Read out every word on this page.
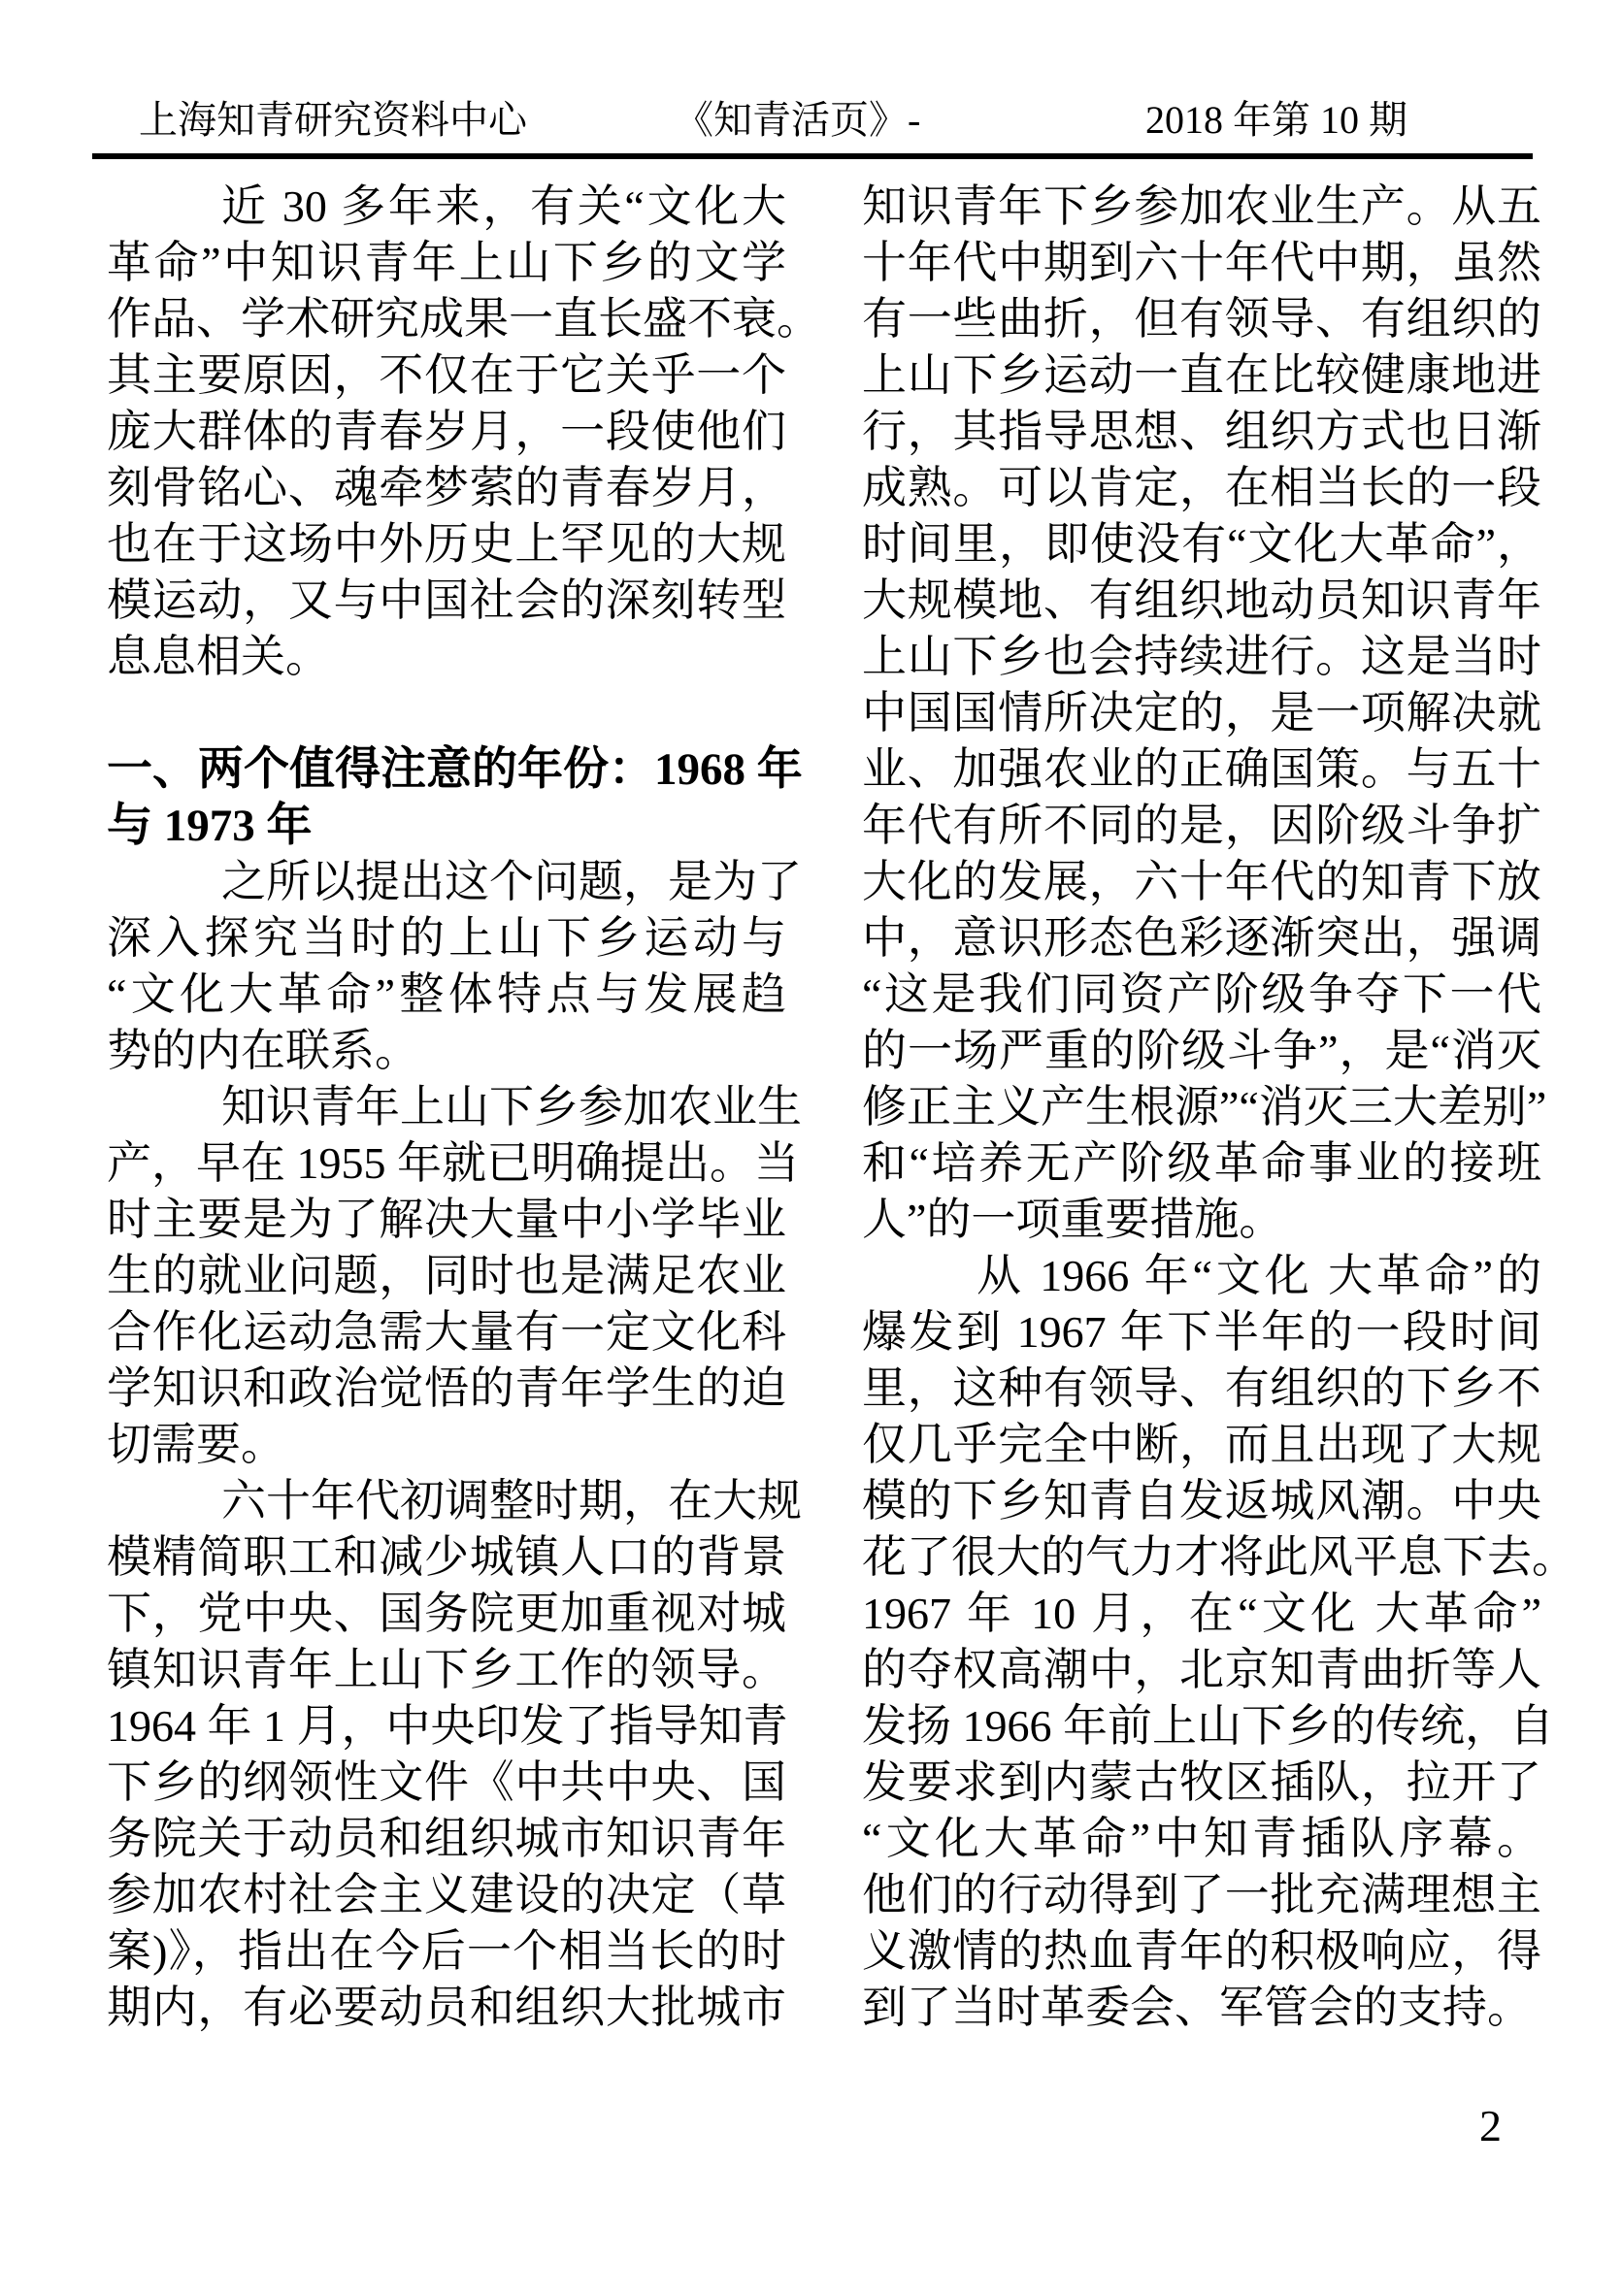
上海知青研究资料中心	《知青活页》-	2018 年第 10 期
近 30 多年来，有关“文化大
革命”中知识青年上山下乡的文学
作品、学术研究成果一直长盛不衰。
其主要原因，不仅在于它关乎一个
庞大群体的青春岁月，一段使他们
刻骨铭心、魂牵梦萦的青春岁月，
也在于这场中外历史上罕见的大规
模运动，又与中国社会的深刻转型
息息相关。
一、两个值得注意的年份：1968 年
与 1973 年
之所以提出这个问题，是为了
深入探究当时的上山下乡运动与
“文化大革命”整体特点与发展趋
势的内在联系。
知识青年上山下乡参加农业生
产，早在 1955 年就已明确提出。当
时主要是为了解决大量中小学毕业
生的就业问题，同时也是满足农业
合作化运动急需大量有一定文化科
学知识和政治觉悟的青年学生的迫
切需要。
六十年代初调整时期，在大规
模精简职工和减少城镇人口的背景
下，党中央、国务院更加重视对城
镇知识青年上山下乡工作的领导。
1964 年 1 月，中央印发了指导知青
下乡的纲领性文件《中共中央、国
务院关于动员和组织城市知识青年
参加农村社会主义建设的决定（草
案)》，指出在今后一个相当长的时
期内，有必要动员和组织大批城市
知识青年下乡参加农业生产。从五
十年代中期到六十年代中期，虽然
有一些曲折，但有领导、有组织的
上山下乡运动一直在比较健康地进
行，其指导思想、组织方式也日渐
成熟。可以肯定，在相当长的一段
时间里，即使没有“文化大革命”，
大规模地、有组织地动员知识青年
上山下乡也会持续进行。这是当时
中国国情所决定的，是一项解决就
业、加强农业的正确国策。与五十
年代有所不同的是，因阶级斗争扩
大化的发展，六十年代的知青下放
中，意识形态色彩逐渐突出，强调
“这是我们同资产阶级争夺下一代
的一场严重的阶级斗争”，是“消灭
修正主义产生根源”“消灭三大差别”
和“培养无产阶级革命事业的接班
人”的一项重要措施。
从 1966 年“文化 大革命”的
爆发到 1967 年下半年的一段时间
里，这种有领导、有组织的下乡不
仅几乎完全中断，而且出现了大规
模的下乡知青自发返城风潮。中央
花了很大的气力才将此风平息下去。
1967 年 10 月，在“文化 大革命”
的夺权高潮中，北京知青曲折等人
发扬 1966 年前上山下乡的传统，自
发要求到内蒙古牧区插队，拉开了
“文化大革命”中知青插队序幕。
他们的行动得到了一批充满理想主
义激情的热血青年的积极响应，得
到了当时革委会、军管会的支持。
2
